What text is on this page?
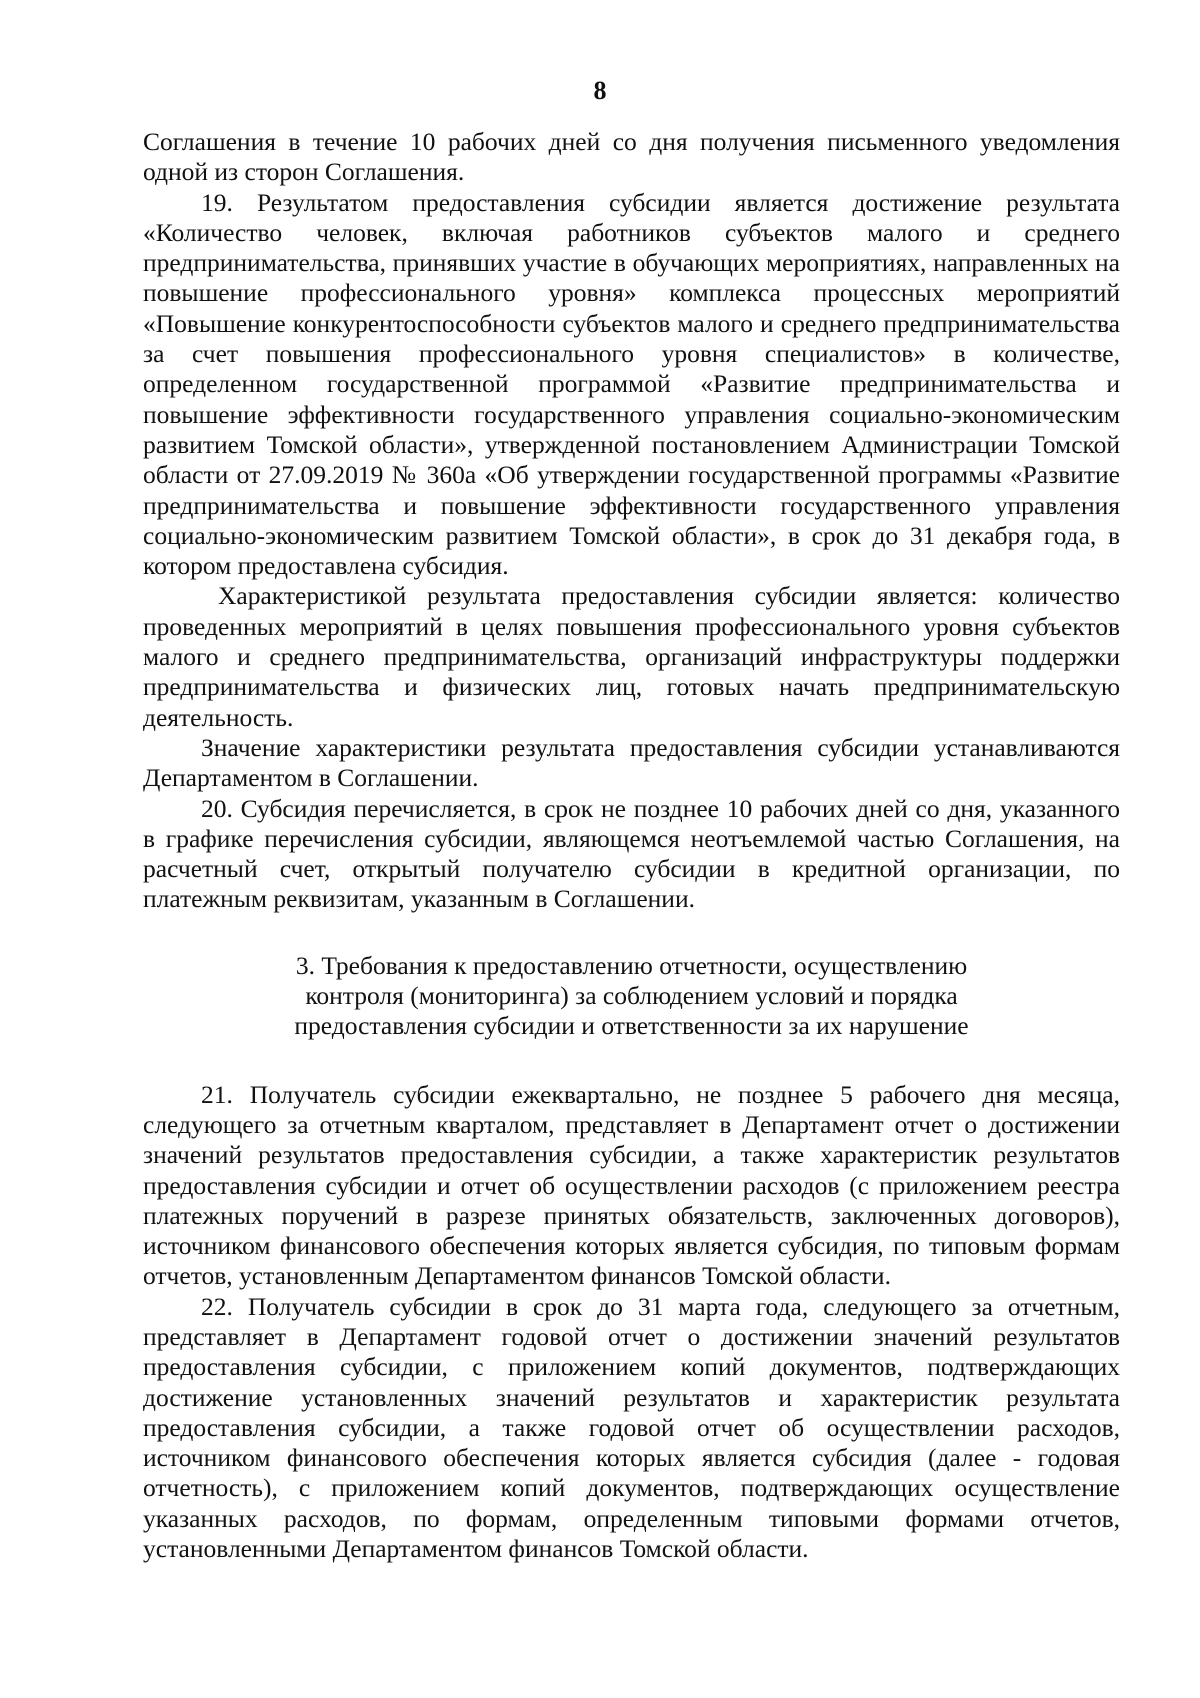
8

Соглашения в течение 10 рабочих дней со дня получения письменного уведомления одной из сторон Соглашения.

19. Результатом предоставления субсидии является достижение результата «Количество человек, включая работников субъектов малого и среднего предпринимательства, принявших участие в обучающих мероприятиях, направленных на повышение профессионального уровня» комплекса процессных мероприятий «Повышение конкурентоспособности субъектов малого и среднего предпринимательства за счет повышения профессионального уровня специалистов» в количестве, определенном государственной программой «Развитие предпринимательства и повышение эффективности государственного управления социально-экономическим развитием Томской области», утвержденной постановлением Администрации Томской области от 27.09.2019 № 360а «Об утверждении государственной программы «Развитие предпринимательства и повышение эффективности государственного управления социально-экономическим развитием Томской области», в срок до 31 декабря года, в котором предоставлена субсидия.

Характеристикой результата предоставления субсидии является: количество проведенных мероприятий в целях повышения профессионального уровня субъектов малого и среднего предпринимательства, организаций инфраструктуры поддержки предпринимательства и физических лиц, готовых начать предпринимательскую деятельность.

Значение характеристики результата предоставления субсидии устанавливаются Департаментом в Соглашении.

20. Субсидия перечисляется, в срок не позднее 10 рабочих дней со дня, указанного в графике перечисления субсидии, являющемся неотъемлемой частью Соглашения, на расчетный счет, открытый получателю субсидии в кредитной организации, по платежным реквизитам, указанным в Соглашении.

3. Требования к предоставлению отчетности, осуществлению
контроля (мониторинга) за соблюдением условий и порядка
предоставления субсидии и ответственности за их нарушение

21. Получатель субсидии ежеквартально, не позднее 5 рабочего дня месяца, следующего за отчетным кварталом, представляет в Департамент отчет о достижении значений результатов предоставления субсидии, а также характеристик результатов предоставления субсидии и отчет об осуществлении расходов (с приложением реестра платежных поручений в разрезе принятых обязательств, заключенных договоров), источником финансового обеспечения которых является субсидия, по типовым формам отчетов, установленным Департаментом финансов Томской области.

22. Получатель субсидии в срок до 31 марта года, следующего за отчетным, представляет в Департамент годовой отчет о достижении значений результатов предоставления субсидии, с приложением копий документов, подтверждающих достижение установленных значений результатов и характеристик результата предоставления субсидии, а также годовой отчет об осуществлении расходов, источником финансового обеспечения которых является субсидия (далее - годовая отчетность), с приложением копий документов, подтверждающих осуществление указанных расходов, по формам, определенным типовыми формами отчетов, установленными Департаментом финансов Томской области.
